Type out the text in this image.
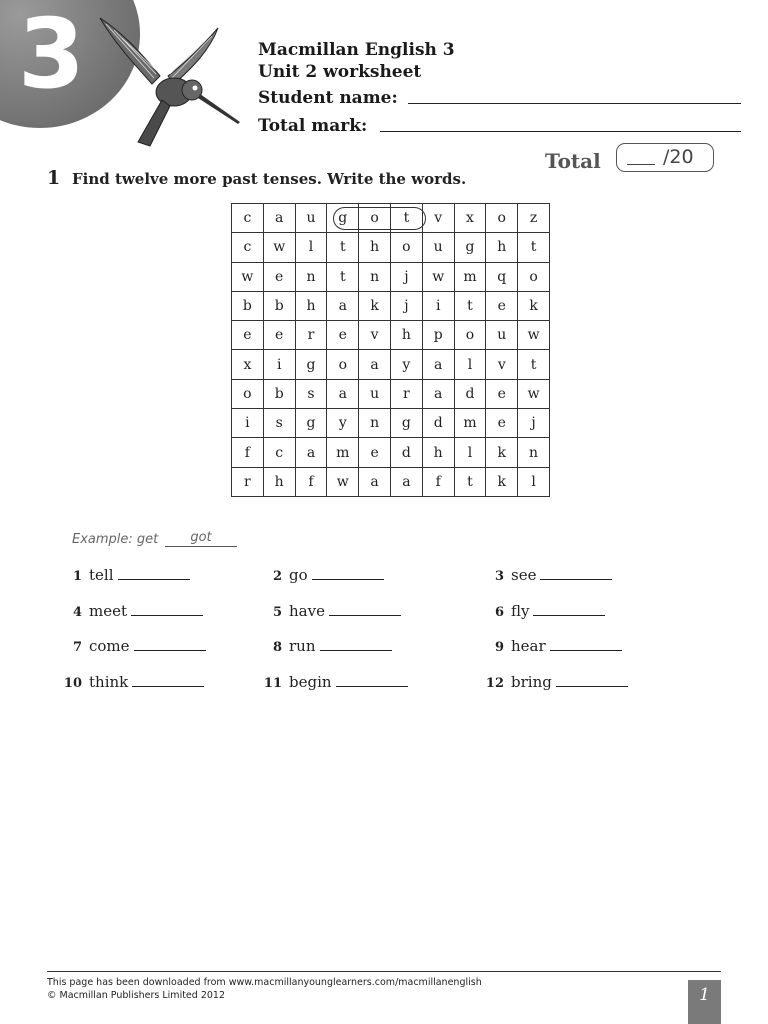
3	Macmillan English 3
Unit 2 worksheet
Student name:
Total mark:
Total	/20
1 Find twelve more past tenses. Write the words.
c	a	u	g	o	t	v	x	o	z
c	w	l	t	h	o	u	g	h	t
w	e	n	t	n	j	w	m	q	o
b	b	h	a	k	j	i	t	e	k
e	e	r	e	v	h	p	o	u	w
x	i	g	o	a	y	a	l	v	t
o	b	s	a	u	r	a	d	e	w
i	s	g	y	n	g	d	m	e	j
f	c	a	m	e	d	h	l	k	n
r	h	f	w	a	a	f	t	k	l
Example: get	got
1 tell	2 go	3 see
4 meet	5 have	6 fly
7 come	8 run	9 hear
10 think	11 begin	12 bring
This page has been downloaded from www.macmillanyounglearners.com/macmillanenglish
© Macmillan Publishers Limited 2012	1
